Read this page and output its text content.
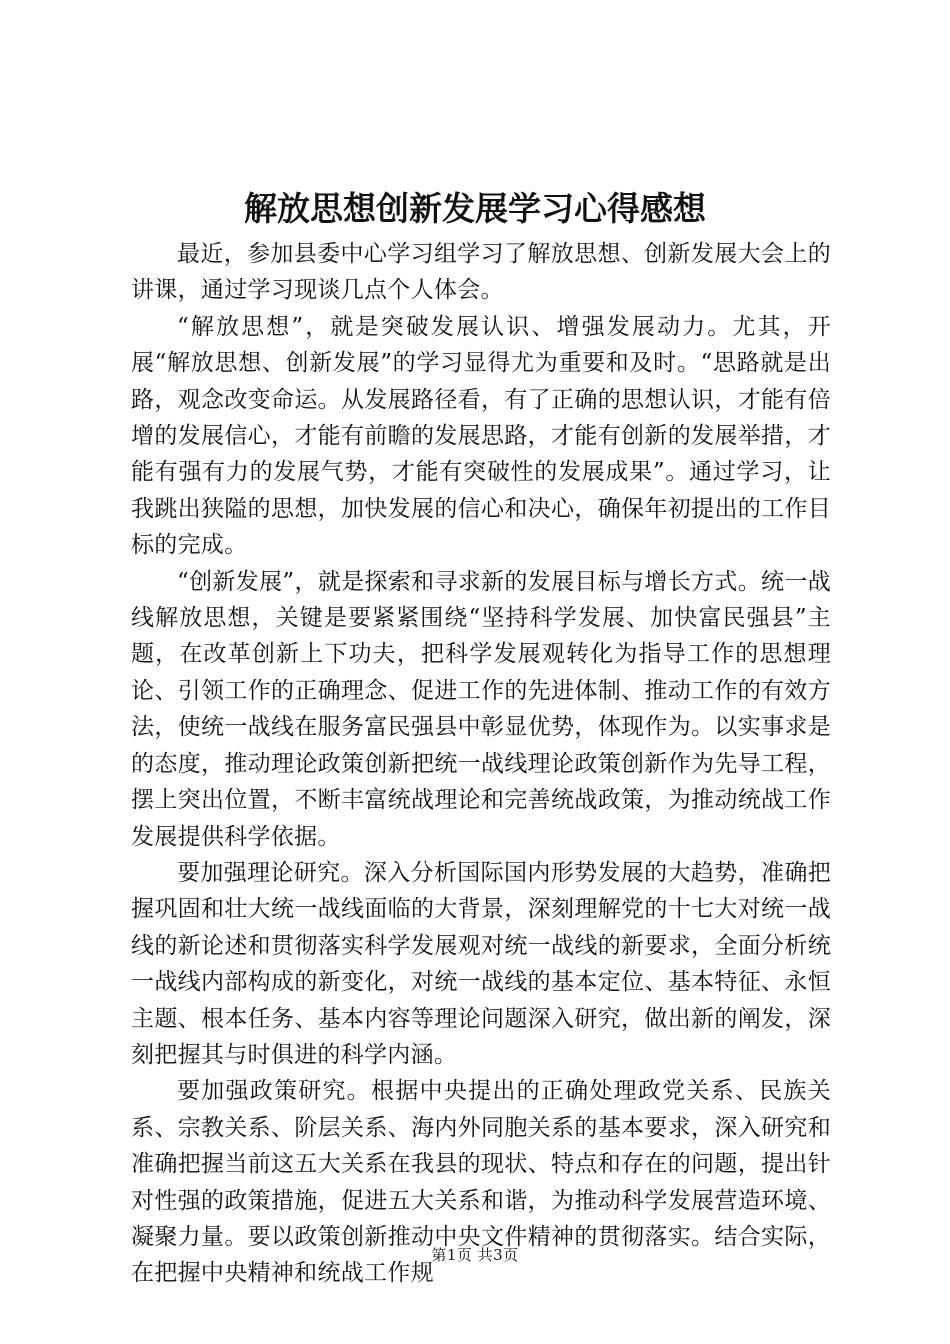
解放思想创新发展学习心得感想

最近，参加县委中心学习组学习了解放思想、创新发展大会上的讲课，通过学习现谈几点个人体会。

“解放思想”，就是突破发展认识、增强发展动力。尤其，开展“解放思想、创新发展”的学习显得尤为重要和及时。“思路就是出路，观念改变命运。从发展路径看，有了正确的思想认识，才能有倍增的发展信心，才能有前瞻的发展思路，才能有创新的发展举措，才能有强有力的发展气势，才能有突破性的发展成果”。通过学习，让我跳出狭隘的思想，加快发展的信心和决心，确保年初提出的工作目标的完成。

“创新发展”，就是探索和寻求新的发展目标与增长方式。统一战线解放思想，关键是要紧紧围绕“坚持科学发展、加快富民强县”主题，在改革创新上下功夫，把科学发展观转化为指导工作的思想理论、引领工作的正确理念、促进工作的先进体制、推动工作的有效方法，使统一战线在服务富民强县中彰显优势，体现作为。以实事求是的态度，推动理论政策创新把统一战线理论政策创新作为先导工程，摆上突出位置，不断丰富统战理论和完善统战政策，为推动统战工作发展提供科学依据。

要加强理论研究。深入分析国际国内形势发展的大趋势，准确把握巩固和壮大统一战线面临的大背景，深刻理解党的十七大对统一战线的新论述和贯彻落实科学发展观对统一战线的新要求，全面分析统一战线内部构成的新变化，对统一战线的基本定位、基本特征、永恒主题、根本任务、基本内容等理论问题深入研究，做出新的阐发，深刻把握其与时俱进的科学内涵。

要加强政策研究。根据中央提出的正确处理政党关系、民族关系、宗教关系、阶层关系、海内外同胞关系的基本要求，深入研究和准确把握当前这五大关系在我县的现状、特点和存在的问题，提出针对性强的政策措施，促进五大关系和谐，为推动科学发展营造环境、凝聚力量。要以政策创新推动中央文件精神的贯彻落实。结合实际，在把握中央精神和统战工作规

第1页 共3页
